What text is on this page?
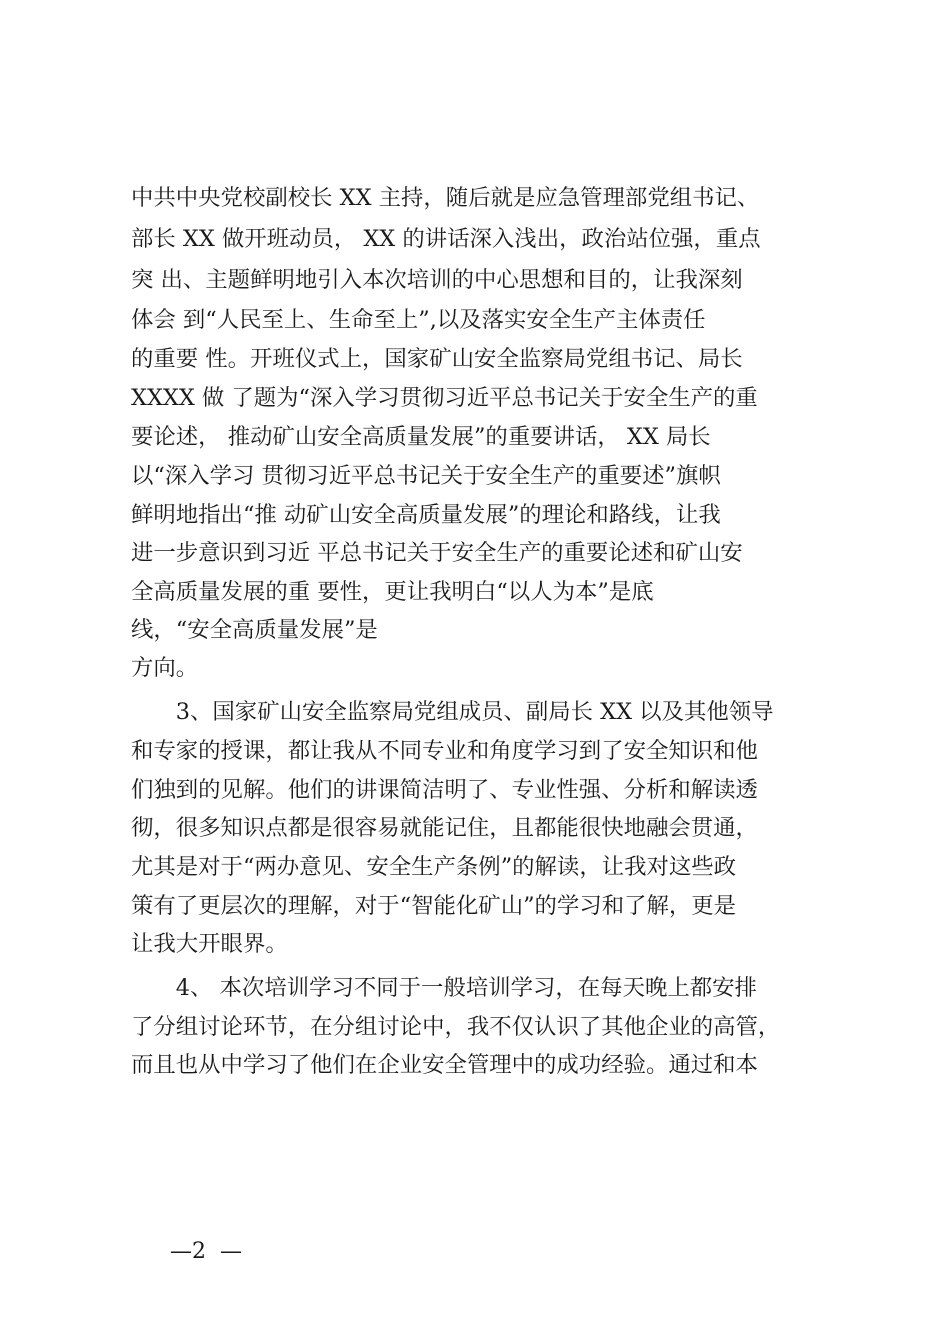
中共中央党校副校长 XX 主持，随后就是应急管理部党组书记、
部长 XX 做开班动员， XX 的讲话深入浅出，政治站位强，重点
突 出、主题鲜明地引入本次培训的中心思想和目的，让我深刻
体会 到“人民至上、生命至上”,以及落实安全生产主体责任
的重要 性。开班仪式上，国家矿山安全监察局党组书记、局长
XXXX 做 了题为“深入学习贯彻习近平总书记关于安全生产的重
要论述， 推动矿山安全高质量发展”的重要讲话， XX 局长
以“深入学习 贯彻习近平总书记关于安全生产的重要述”旗帜
鲜明地指出“推 动矿山安全高质量发展”的理论和路线，让我
进一步意识到习近 平总书记关于安全生产的重要论述和矿山安
全高质量发展的重 要性，更让我明白“以人为本”是底
线，“安全高质量发展”是
方向。
　　3、国家矿山安全监察局党组成员、副局长 XX 以及其他领导
和专家的授课，都让我从不同专业和角度学习到了安全知识和他
们独到的见解。他们的讲课简洁明了、专业性强、分析和解读透
彻，很多知识点都是很容易就能记住，且都能很快地融会贯通，
尤其是对于“两办意见、安全生产条例”的解读，让我对这些政
策有了更层次的理解，对于“智能化矿山”的学习和了解，更是
让我大开眼界。
　　4、 本次培训学习不同于一般培训学习，在每天晚上都安排
了分组讨论环节，在分组讨论中，我不仅认识了其他企业的高管，
而且也从中学习了他们在企业安全管理中的成功经验。通过和本
—2  —
